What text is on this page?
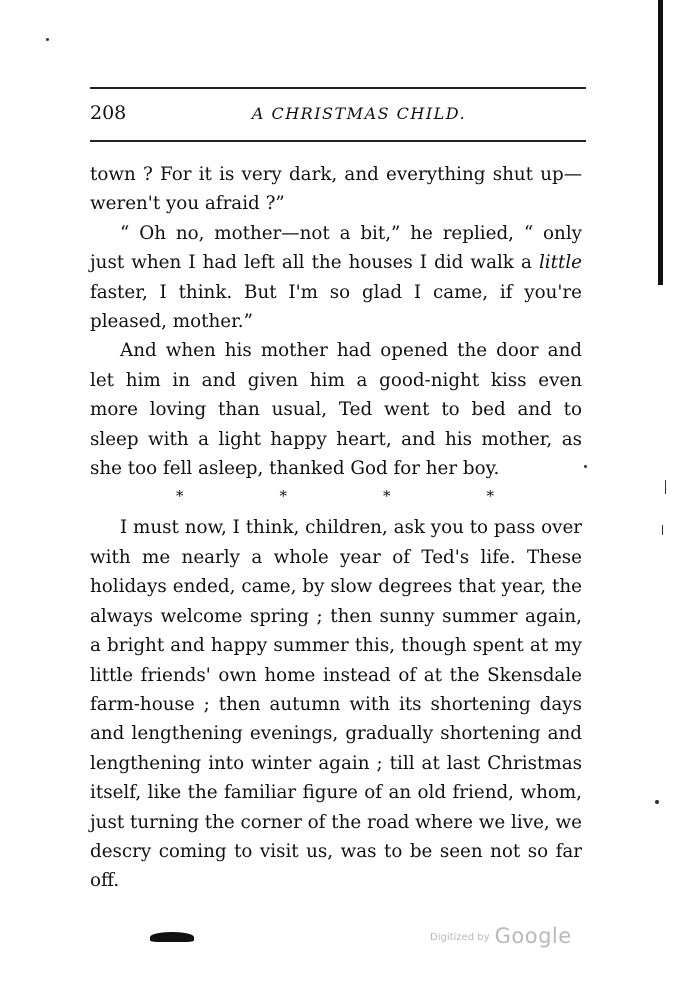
208	A CHRISTMAS CHILD.

town ? For it is very dark, and everything shut up—weren't you afraid ?”

“ Oh no, mother—not a bit,” he replied, “ only just when I had left all the houses I did walk a little faster, I think. But I'm so glad I came, if you're pleased, mother.”

And when his mother had opened the door and let him in and given him a good-night kiss even more loving than usual, Ted went to bed and to sleep with a light happy heart, and his mother, as she too fell asleep, thanked God for her boy.

*	*	*	*

I must now, I think, children, ask you to pass over with me nearly a whole year of Ted's life. These holidays ended, came, by slow degrees that year, the always welcome spring ; then sunny summer again, a bright and happy summer this, though spent at my little friends' own home instead of at the Skensdale farm-house ; then autumn with its shortening days and lengthening evenings, gradually shortening and lengthening into winter again ; till at last Christmas itself, like the familiar figure of an old friend, whom, just turning the corner of the road where we live, we descry coming to visit us, was to be seen not so far off.

Digitized by Google
